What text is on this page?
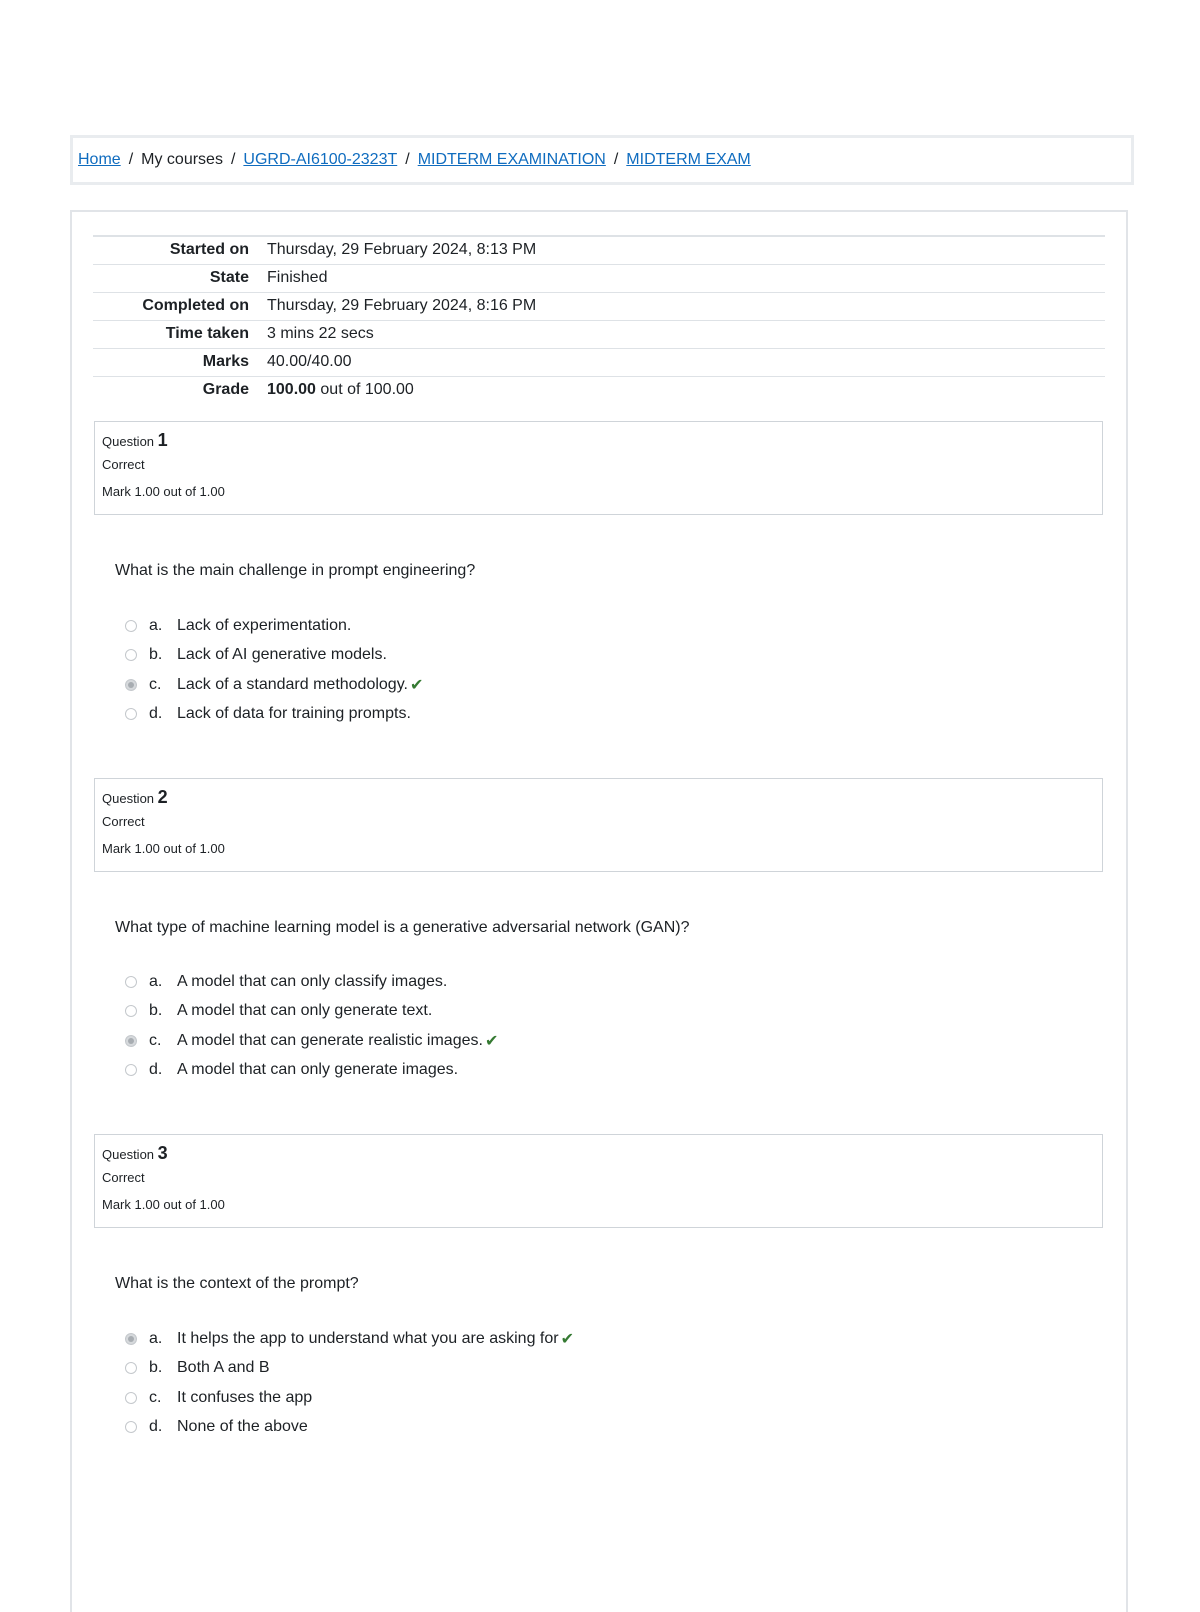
Home / My courses / UGRD-AI6100-2323T / MIDTERM EXAMINATION / MIDTERM EXAM
Started on	Thursday, 29 February 2024, 8:13 PM
State	Finished
Completed on	Thursday, 29 February 2024, 8:16 PM
Time taken	3 mins 22 secs
Marks	40.00/40.00
Grade	100.00 out of 100.00
Question 1
Correct
Mark 1.00 out of 1.00
What is the main challenge in prompt engineering?
a. Lack of experimentation.
b. Lack of AI generative models.
c. Lack of a standard methodology. ✔
d. Lack of data for training prompts.
Question 2
Correct
Mark 1.00 out of 1.00
What type of machine learning model is a generative adversarial network (GAN)?
a. A model that can only classify images.
b. A model that can only generate text.
c. A model that can generate realistic images. ✔
d. A model that can only generate images.
Question 3
Correct
Mark 1.00 out of 1.00
What is the context of the prompt?
a. It helps the app to understand what you are asking for ✔
b. Both A and B
c. It confuses the app
d. None of the above
